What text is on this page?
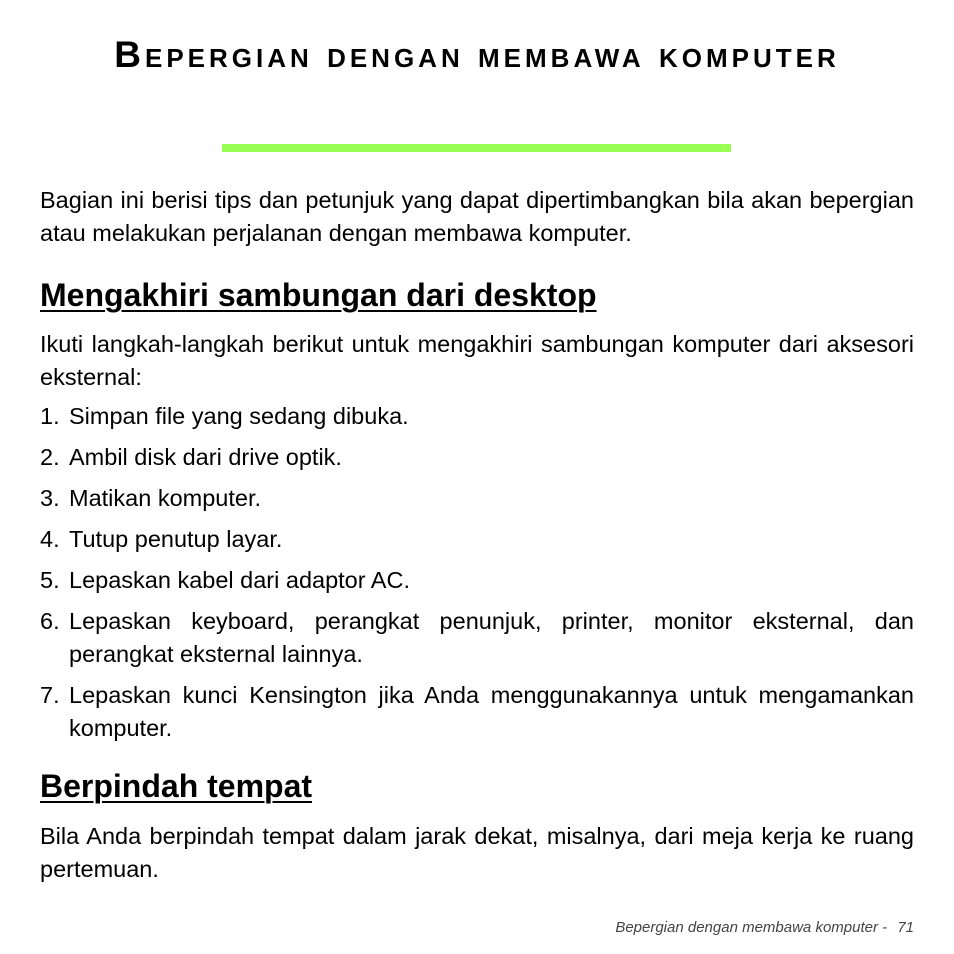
Bepergian dengan membawa komputer

Bagian ini berisi tips dan petunjuk yang dapat dipertimbangkan bila akan bepergian atau melakukan perjalanan dengan membawa komputer.

Mengakhiri sambungan dari desktop

Ikuti langkah-langkah berikut untuk mengakhiri sambungan komputer dari aksesori eksternal:

1. Simpan file yang sedang dibuka.
2. Ambil disk dari drive optik.
3. Matikan komputer.
4. Tutup penutup layar.
5. Lepaskan kabel dari adaptor AC.
6. Lepaskan keyboard, perangkat penunjuk, printer, monitor eksternal, dan perangkat eksternal lainnya.
7. Lepaskan kunci Kensington jika Anda menggunakannya untuk mengamankan komputer.
Berpindah tempat

Bila Anda berpindah tempat dalam jarak dekat, misalnya, dari meja kerja ke ruang pertemuan.

Bepergian dengan membawa komputer - 71
